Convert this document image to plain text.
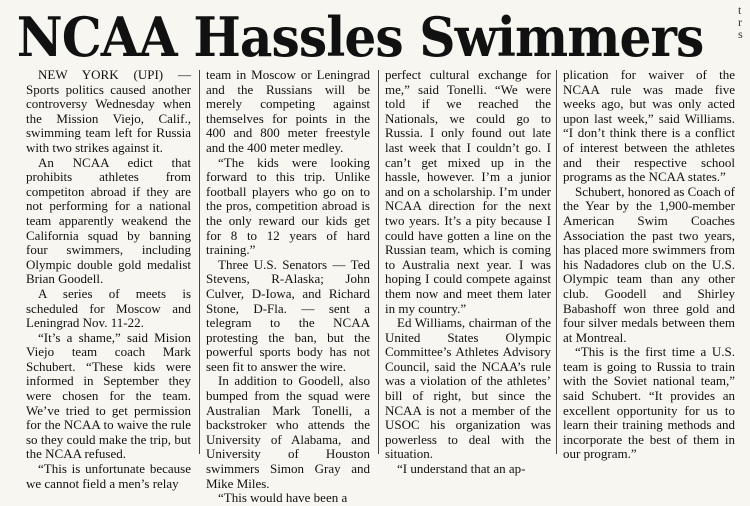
NCAA Hassles Swimmers	t
r
s

NEW YORK (UPI) — Sports politics caused another controversy Wednesday when the Mission Viejo, Calif., swimming team left for Russia with two strikes against it.

An NCAA edict that prohibits athletes from competiton abroad if they are not performing for a national team apparently weakend the California squad by banning four swimmers, including Olympic double gold medalist Brian Goodell.

A series of meets is scheduled for Moscow and Leningrad Nov. 11-22.

“It’s a shame,” said Mision Viejo team coach Mark Schubert. “These kids were informed in September they were chosen for the team. We’ve tried to get permission for the NCAA to waive the rule so they could make the trip, but the NCAA refused.

“This is unfortunate because we cannot field a men’s relay

team in Moscow or Leningrad and the Russians will be merely competing against themselves for points in the 400 and 800 meter freestyle and the 400 meter medley.

“The kids were looking forward to this trip. Unlike football players who go on to the pros, competition abroad is the only reward our kids get for 8 to 12 years of hard training.”

Three U.S. Senators — Ted Stevens, R-Alaska; John Culver, D-Iowa, and Richard Stone, D-Fla. — sent a telegram to the NCAA protesting the ban, but the powerful sports body has not seen fit to answer the wire.

In addition to Goodell, also bumped from the squad were Australian Mark Tonelli, a backstroker who attends the University of Alabama, and University of Houston swimmers Simon Gray and Mike Miles.

“This would have been a

perfect cultural exchange for me,” said Tonelli. “We were told if we reached the Nationals, we could go to Russia. I only found out late last week that I couldn’t go. I can’t get mixed up in the hassle, however. I’m a junior and on a scholarship. I’m under NCAA direction for the next two years. It’s a pity because I could have gotten a line on the Russian team, which is coming to Australia next year. I was hoping I could compete against them now and meet them later in my country.”

Ed Williams, chairman of the United States Olympic Committee’s Athletes Advisory Council, said the NCAA’s rule was a violation of the athletes’ bill of right, but since the NCAA is not a member of the USOC his organization was powerless to deal with the situation.

“I understand that an ap-

plication for waiver of the NCAA rule was made five weeks ago, but was only acted upon last week,” said Williams. “I don’t think there is a conflict of interest between the athletes and their respective school programs as the NCAA states.”

Schubert, honored as Coach of the Year by the 1,900-member American Swim Coaches Association the past two years, has placed more swimmers from his Nadadores club on the U.S. Olympic team than any other club. Goodell and Shirley Babashoff won three gold and four silver medals between them at Montreal.

“This is the first time a U.S. team is going to Russia to train with the Soviet national team,” said Schubert. “It provides an excellent opportunity for us to learn their training methods and incorporate the best of them in our program.”
